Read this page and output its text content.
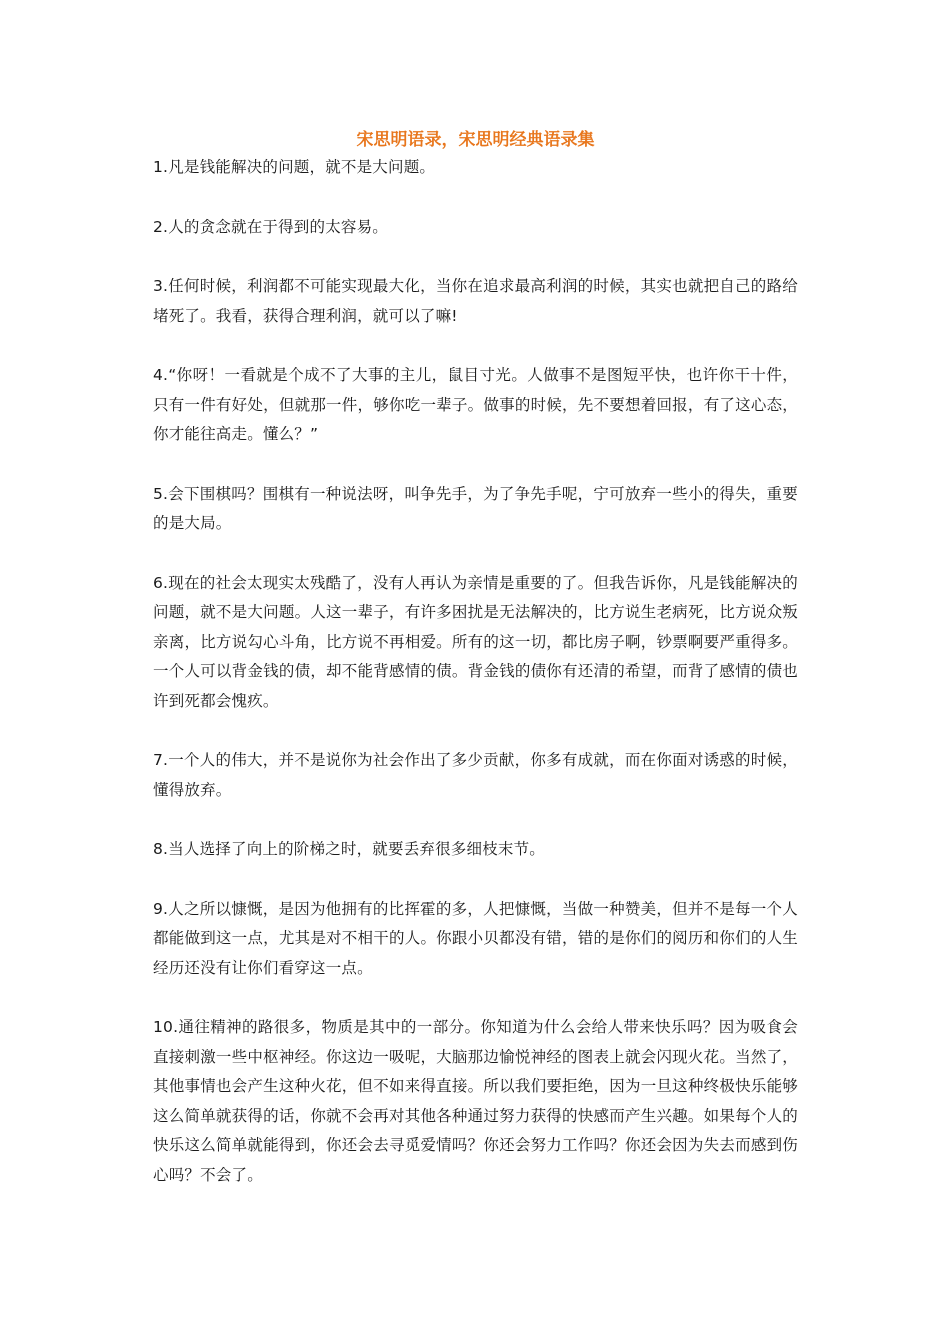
宋思明语录，宋思明经典语录集

1.凡是钱能解决的问题，就不是大问题。

2.人的贪念就在于得到的太容易。

3.任何时候，利润都不可能实现最大化，当你在追求最高利润的时候，其实也就把自己的路给堵死了。我看，获得合理利润，就可以了嘛!

4.“你呀！一看就是个成不了大事的主儿，鼠目寸光。人做事不是图短平快，也许你干十件，只有一件有好处，但就那一件，够你吃一辈子。做事的时候，先不要想着回报，有了这心态，你才能往高走。懂么？”

5.会下围棋吗？围棋有一种说法呀，叫争先手，为了争先手呢，宁可放弃一些小的得失，重要的是大局。

6.现在的社会太现实太残酷了，没有人再认为亲情是重要的了。但我告诉你，凡是钱能解决的问题，就不是大问题。人这一辈子，有许多困扰是无法解决的，比方说生老病死，比方说众叛亲离，比方说勾心斗角，比方说不再相爱。所有的这一切，都比房子啊，钞票啊要严重得多。一个人可以背金钱的债，却不能背感情的债。背金钱的债你有还清的希望，而背了感情的债也许到死都会愧疚。

7.一个人的伟大，并不是说你为社会作出了多少贡献，你多有成就，而在你面对诱惑的时候，懂得放弃。

8.当人选择了向上的阶梯之时，就要丢弃很多细枝末节。

9.人之所以慷慨，是因为他拥有的比挥霍的多，人把慷慨，当做一种赞美，但并不是每一个人都能做到这一点，尤其是对不相干的人。你跟小贝都没有错，错的是你们的阅历和你们的人生经历还没有让你们看穿这一点。

10.通往精神的路很多，物质是其中的一部分。你知道为什么会给人带来快乐吗？因为吸食会直接刺激一些中枢神经。你这边一吸呢，大脑那边愉悦神经的图表上就会闪现火花。当然了，其他事情也会产生这种火花，但不如来得直接。所以我们要拒绝，因为一旦这种终极快乐能够这么简单就获得的话，你就不会再对其他各种通过努力获得的快感而产生兴趣。如果每个人的快乐这么简单就能得到，你还会去寻觅爱情吗？你还会努力工作吗？你还会因为失去而感到伤心吗？不会了。
